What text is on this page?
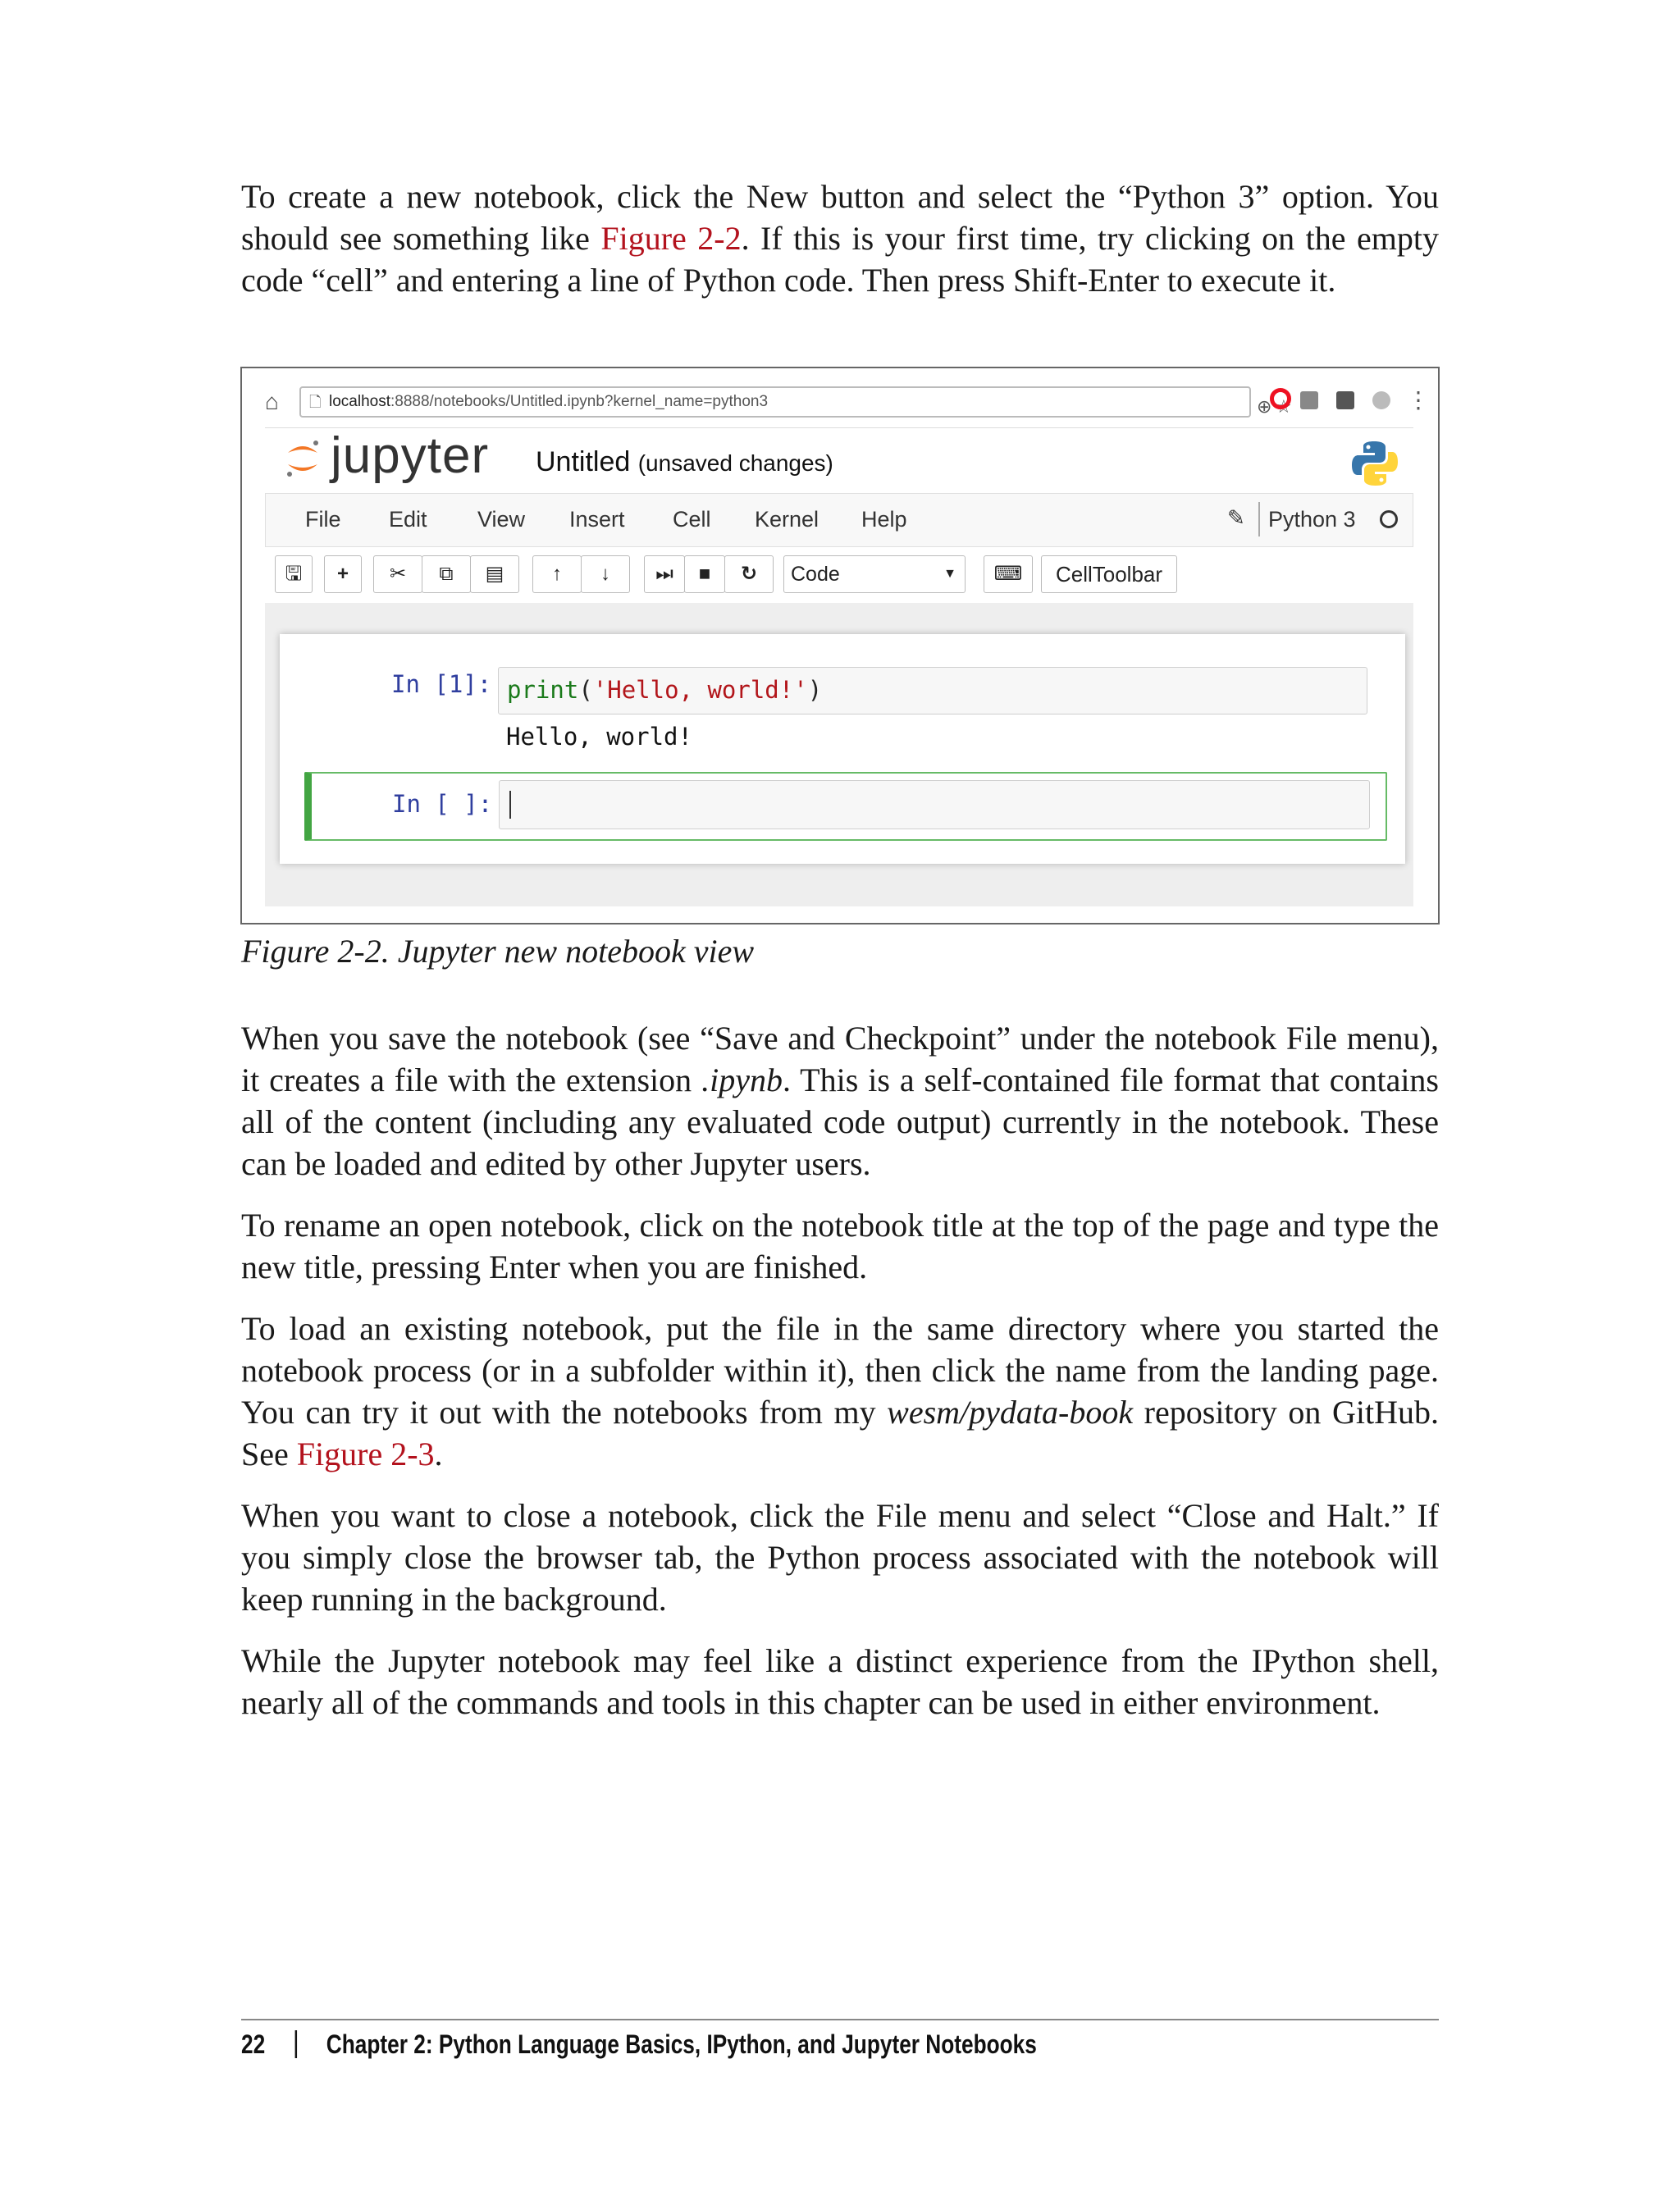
To create a new notebook, click the New button and select the “Python 3” option. You should see something like Figure 2-2. If this is your first time, try clicking on the empty code “cell” and entering a line of Python code. Then press Shift-Enter to execute it.

⌂	🗋 localhost:8888/notebooks/Untitled.ipynb?kernel_name=python3	⊕ ☆	⋮
jupyter Untitled (unsaved changes)
File Edit View Insert Cell Kernel Help	✎ Python 3
🖫	+	✂	⧉	▤	↑	↓	⏭	■	↻	Code	▼	⌨	CellToolbar
In [1]: print('Hello, world!')
Hello, world!
In [ ]:

Figure 2-2. Jupyter new notebook view

When you save the notebook (see “Save and Checkpoint” under the notebook File menu), it creates a file with the extension .ipynb. This is a self-contained file format that contains all of the content (including any evaluated code output) currently in the notebook. These can be loaded and edited by other Jupyter users.

To rename an open notebook, click on the notebook title at the top of the page and type the new title, pressing Enter when you are finished.

To load an existing notebook, put the file in the same directory where you started the notebook process (or in a subfolder within it), then click the name from the landing page. You can try it out with the notebooks from my wesm/pydata-book repository on GitHub. See Figure 2-3.

When you want to close a notebook, click the File menu and select “Close and Halt.” If you simply close the browser tab, the Python process associated with the notebook will keep running in the background.

While the Jupyter notebook may feel like a distinct experience from the IPython shell, nearly all of the commands and tools in this chapter can be used in either environment.

22 Chapter 2: Python Language Basics, IPython, and Jupyter Notebooks
